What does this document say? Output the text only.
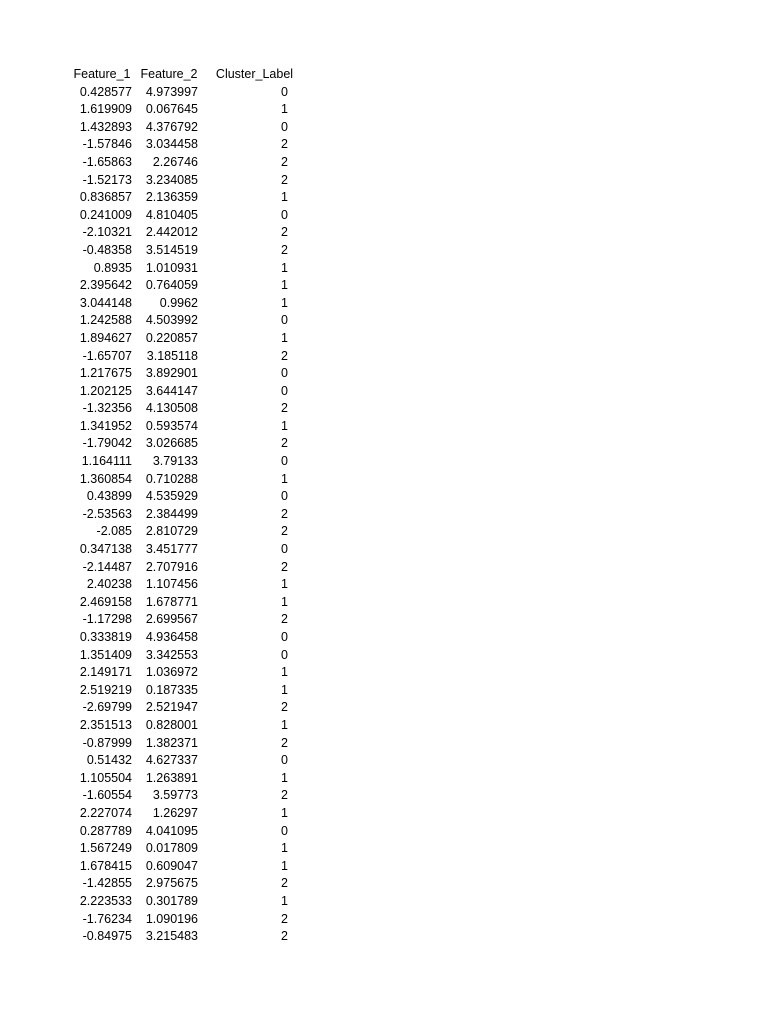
Feature_1	Feature_2	Cluster_Label
0.428577	4.973997	0
1.619909	0.067645	1
1.432893	4.376792	0
-1.57846	3.034458	2
-1.65863	2.26746	2
-1.52173	3.234085	2
0.836857	2.136359	1
0.241009	4.810405	0
-2.10321	2.442012	2
-0.48358	3.514519	2
0.8935	1.010931	1
2.395642	0.764059	1
3.044148	0.9962	1
1.242588	4.503992	0
1.894627	0.220857	1
-1.65707	3.185118	2
1.217675	3.892901	0
1.202125	3.644147	0
-1.32356	4.130508	2
1.341952	0.593574	1
-1.79042	3.026685	2
1.164111	3.79133	0
1.360854	0.710288	1
0.43899	4.535929	0
-2.53563	2.384499	2
-2.085	2.810729	2
0.347138	3.451777	0
-2.14487	2.707916	2
2.40238	1.107456	1
2.469158	1.678771	1
-1.17298	2.699567	2
0.333819	4.936458	0
1.351409	3.342553	0
2.149171	1.036972	1
2.519219	0.187335	1
-2.69799	2.521947	2
2.351513	0.828001	1
-0.87999	1.382371	2
0.51432	4.627337	0
1.105504	1.263891	1
-1.60554	3.59773	2
2.227074	1.26297	1
0.287789	4.041095	0
1.567249	0.017809	1
1.678415	0.609047	1
-1.42855	2.975675	2
2.223533	0.301789	1
-1.76234	1.090196	2
-0.84975	3.215483	2
